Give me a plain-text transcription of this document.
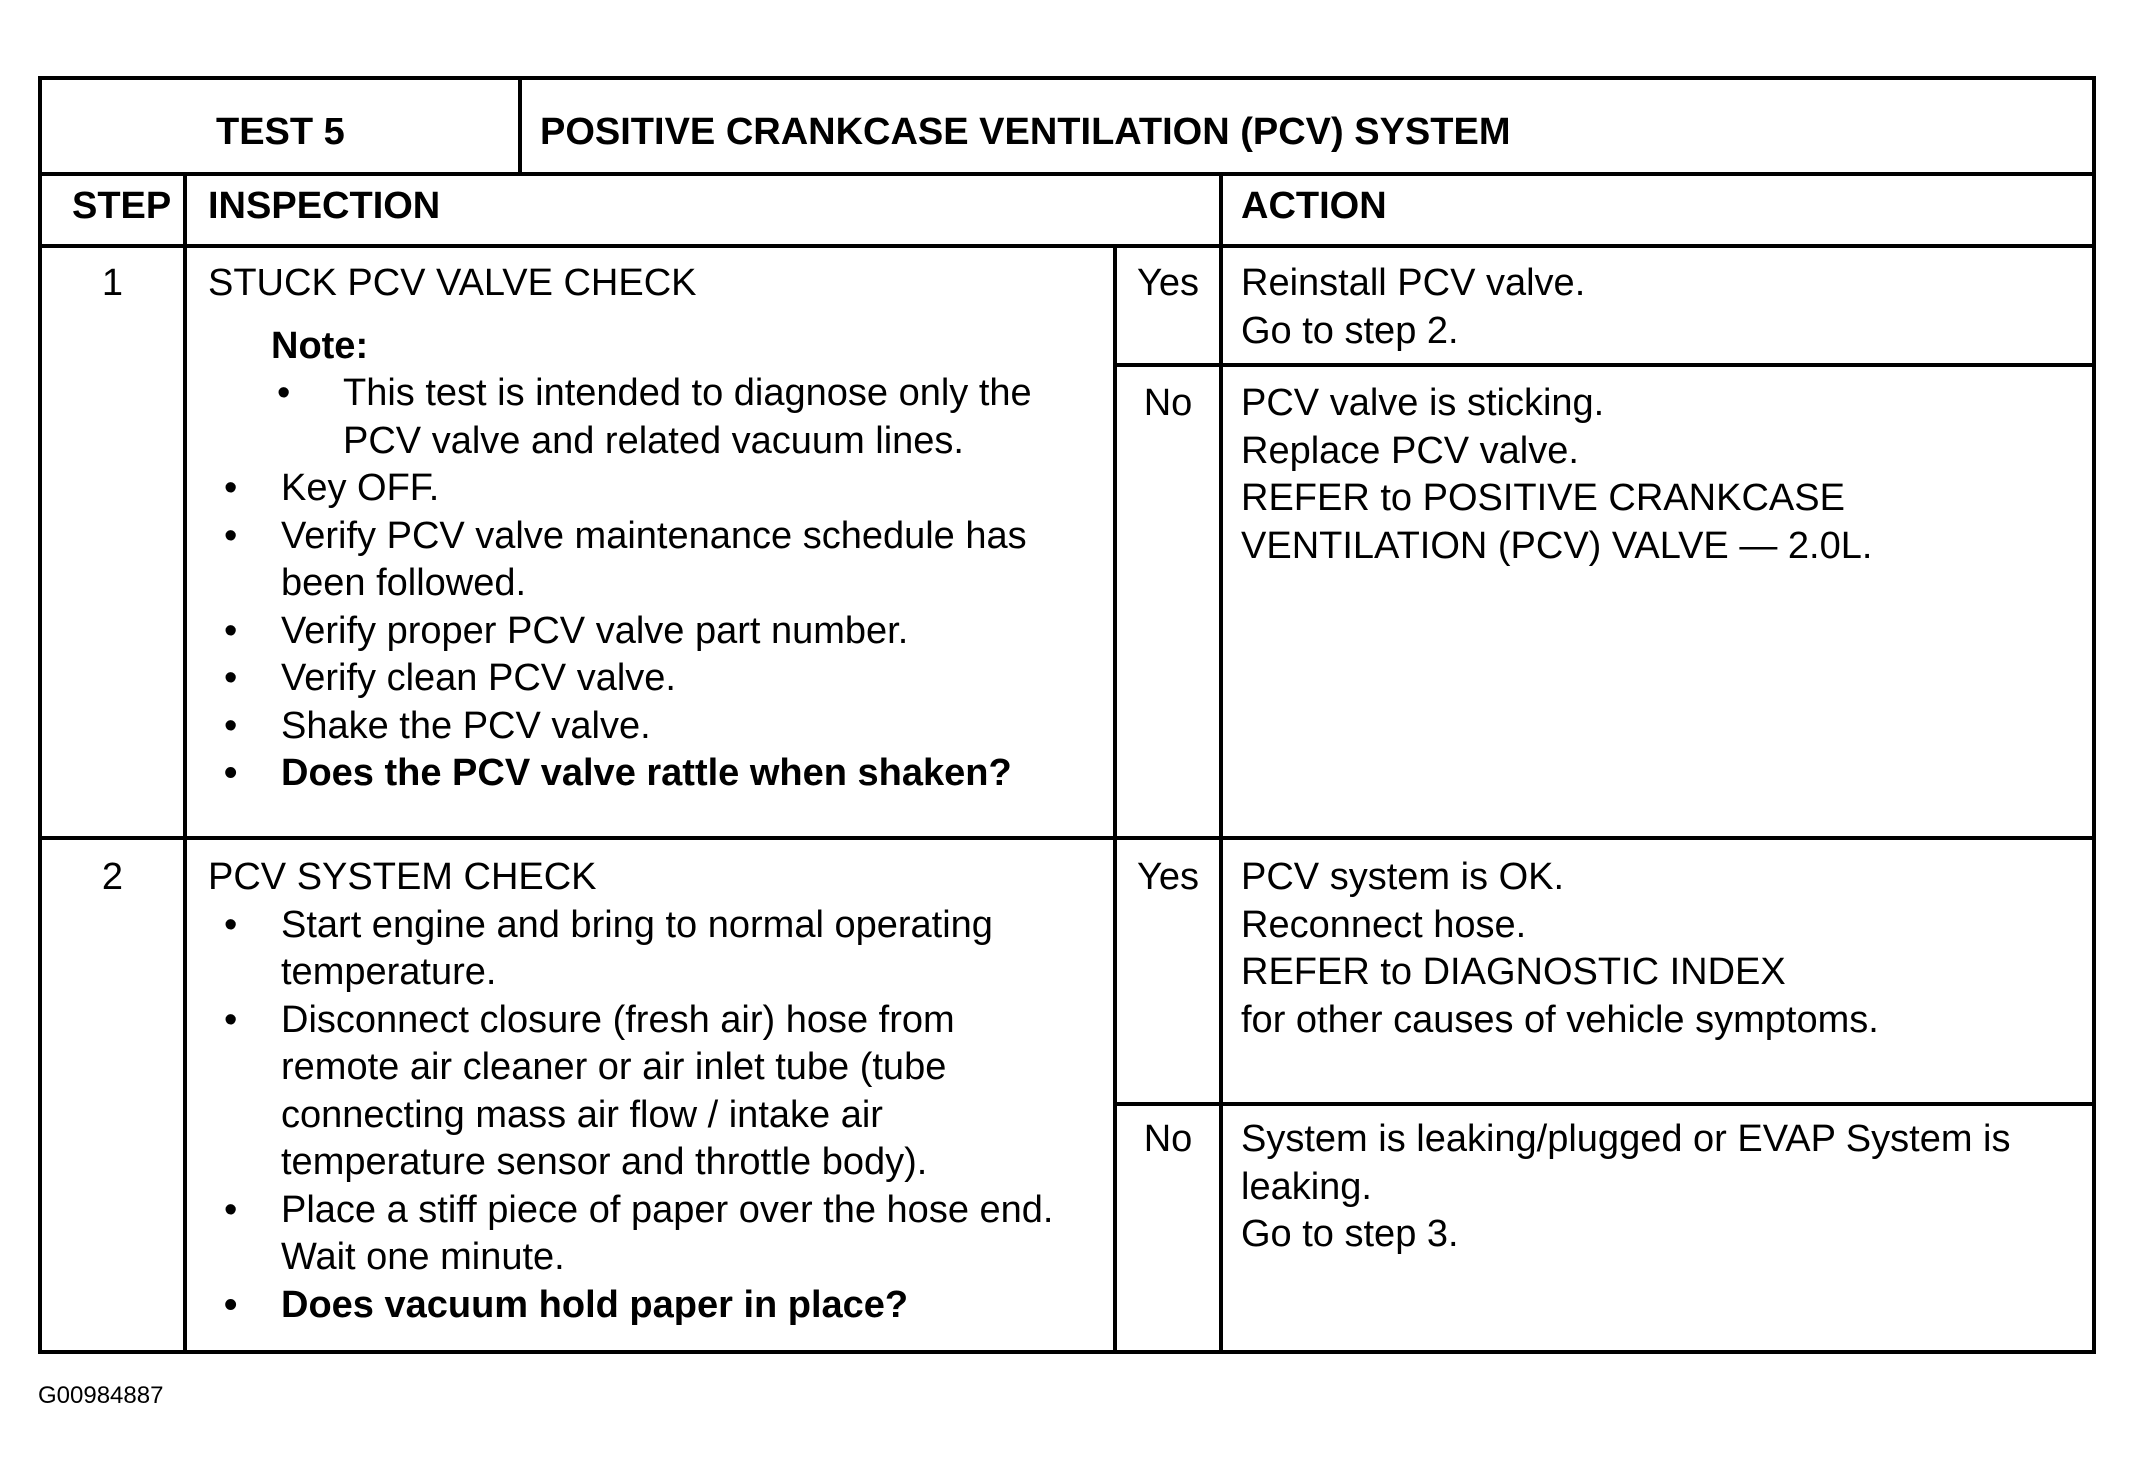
TEST 5	POSITIVE CRANKCASE VENTILATION (PCV) SYSTEM
STEP INSPECTION	ACTION
1	STUCK PCV VALVE CHECK
Note:
• This test is intended to diagnose only the PCV valve and related vacuum lines.
• Key OFF.
• Verify PCV valve maintenance schedule has been followed.
• Verify proper PCV valve part number.
• Verify clean PCV valve.
• Shake the PCV valve.
• Does the PCV valve rattle when shaken?
Yes	Reinstall PCV valve.
Go to step 2.
No	PCV valve is sticking.
Replace PCV valve.
REFER to POSITIVE CRANKCASE VENTILATION (PCV) VALVE — 2.0L.
2	PCV SYSTEM CHECK
• Start engine and bring to normal operating temperature.
• Disconnect closure (fresh air) hose from remote air cleaner or air inlet tube (tube connecting mass air flow / intake air temperature sensor and throttle body).
• Place a stiff piece of paper over the hose end. Wait one minute.
• Does vacuum hold paper in place?
Yes	PCV system is OK.
Reconnect hose.
REFER to DIAGNOSTIC INDEX
for other causes of vehicle symptoms.
No	System is leaking/plugged or EVAP System is leaking.
Go to step 3.
G00984887
